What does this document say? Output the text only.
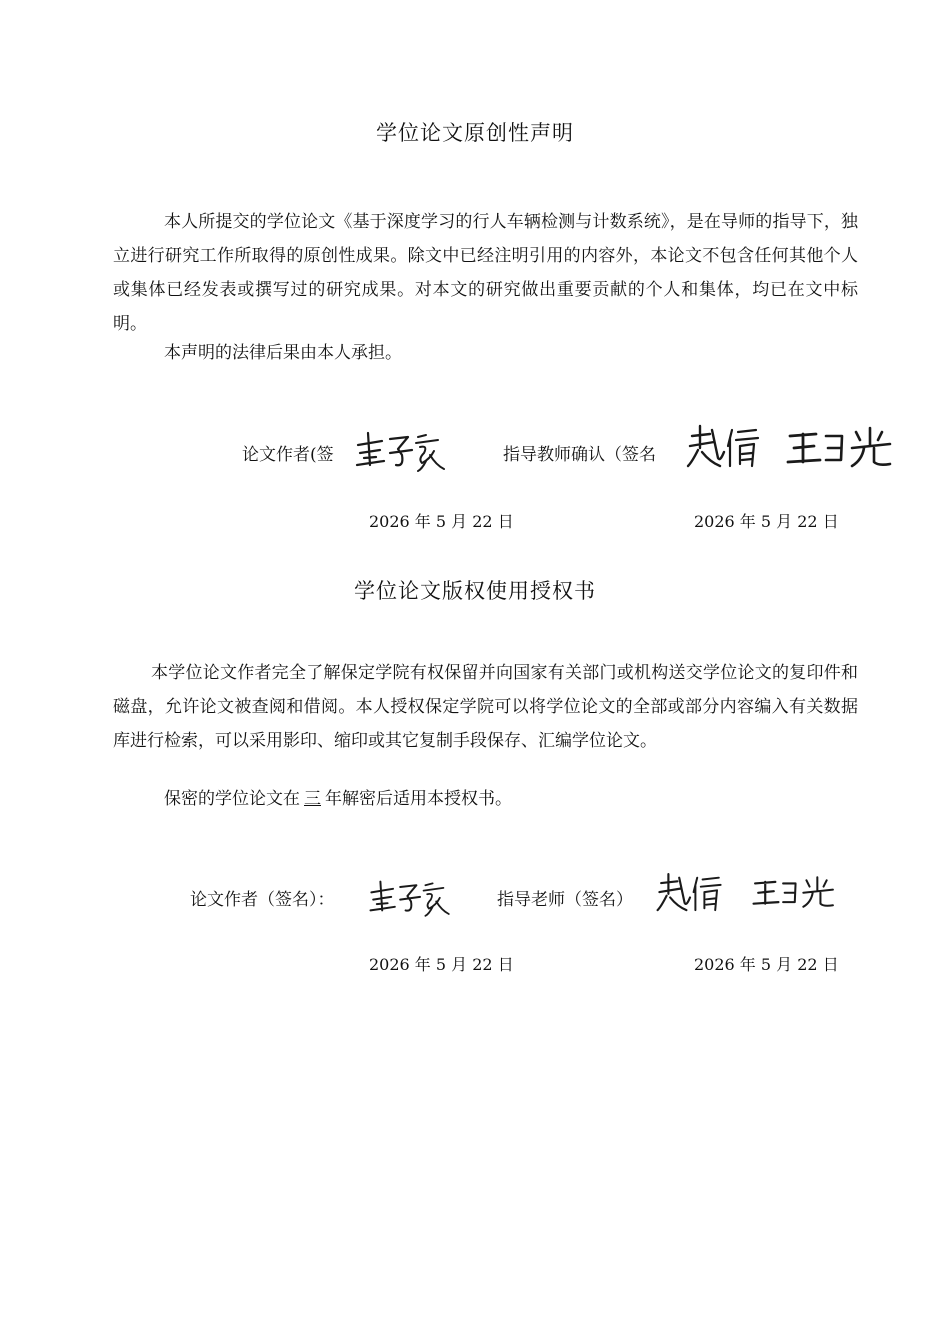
学位论文原创性声明

本人所提交的学位论文《基于深度学习的行人车辆检测与计数系统》，是在导师的指导下，独立进行研究工作所取得的原创性成果。除文中已经注明引用的内容外，本论文不包含任何其他个人或集体已经发表或撰写过的研究成果。对本文的研究做出重要贡献的个人和集体，均已在文中标明。

本声明的法律后果由本人承担。

论文作者(签	指导教师确认（签名
2026 年 5 月 22 日	2026 年 5 月 22 日
学位论文版权使用授权书

本学位论文作者完全了解保定学院有权保留并向国家有关部门或机构送交学位论文的复印件和磁盘，允许论文被查阅和借阅。本人授权保定学院可以将学位论文的全部或部分内容编入有关数据库进行检索，可以采用影印、缩印或其它复制手段保存、汇编学位论文。

保密的学位论文在 三 年解密后适用本授权书。
论文作者（签名）：	指导老师（签名）
2026 年 5 月 22 日	2026 年 5 月 22 日
